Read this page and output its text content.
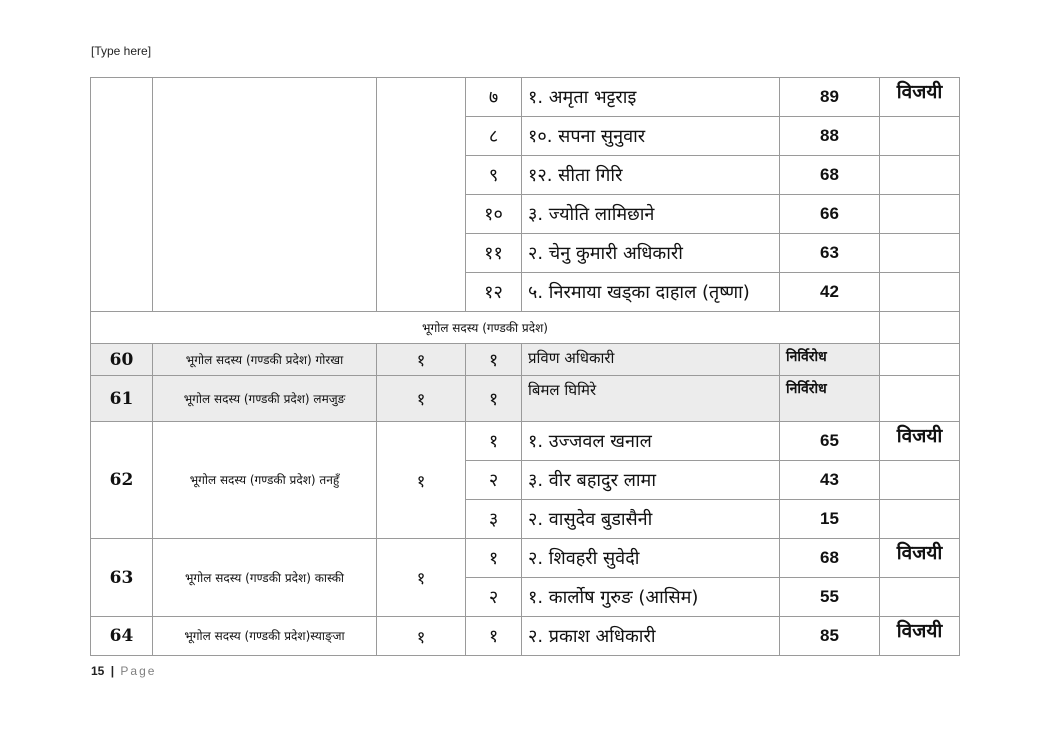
[Type here]
			७	१. अमृता भट्टराइ	89	विजयी
			८	१०. सपना सुनुवार	88	
			९	१२. सीता गिरि	68	
			१०	३. ज्योति लामिछाने	66	
			११	२. चेनु कुमारी अधिकारी	63	
			१२	५. निरमाया खड्का दाहाल (तृष्णा)	42	
भूगोल सदस्य (गण्डकी प्रदेश)						
60	भूगोल सदस्य (गण्डकी प्रदेश) गोरखा	१	१	प्रविण अधिकारी	निर्विरोध	
61	भूगोल सदस्य (गण्डकी प्रदेश) लमजुङ	१	१	बिमल घिमिरे	निर्विरोध	
62	भूगोल सदस्य (गण्डकी प्रदेश) तनहुँ	१	१	१. उज्जवल खनाल	65	विजयी
			२	३. वीर बहादुर लामा	43	
			३	२. वासुदेव बुडासैनी	15	
63	भूगोल सदस्य (गण्डकी प्रदेश) कास्की	१	१	२. शिवहरी सुवेदी	68	विजयी
			२	१. कार्लोष गुरुङ (आसिम)	55	
64	भूगोल सदस्य (गण्डकी प्रदेश)स्याङ्जा	१	१	२. प्रकाश अधिकारी	85	विजयी
15 | Page
